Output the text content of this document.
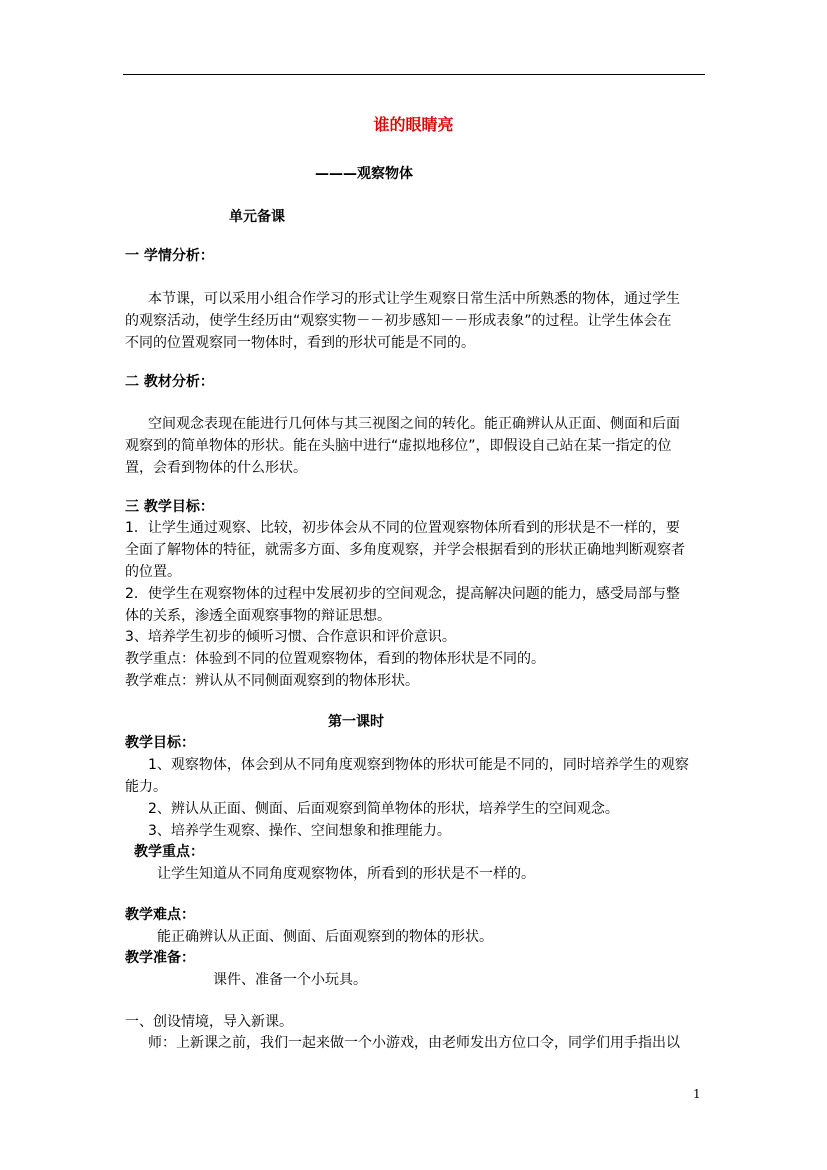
谁的眼睛亮
———观察物体
单元备课
一 学情分析：
本节课，可以采用小组合作学习的形式让学生观察日常生活中所熟悉的物体，通过学生
的观察活动，使学生经历由“观察实物－－初步感知－－形成表象”的过程。让学生体会在
不同的位置观察同一物体时，看到的形状可能是不同的。
二 教材分析：
空间观念表现在能进行几何体与其三视图之间的转化。能正确辨认从正面、侧面和后面
观察到的简单物体的形状。能在头脑中进行“虚拟地移位”，即假设自己站在某一指定的位
置，会看到物体的什么形状。
三 教学目标：
1．让学生通过观察、比较，初步体会从不同的位置观察物体所看到的形状是不一样的，要
全面了解物体的特征，就需多方面、多角度观察，并学会根据看到的形状正确地判断观察者
的位置。
2．使学生在观察物体的过程中发展初步的空间观念，提高解决问题的能力，感受局部与整
体的关系，渗透全面观察事物的辩证思想。
3、培养学生初步的倾听习惯、合作意识和评价意识。
教学重点：体验到不同的位置观察物体，看到的物体形状是不同的。
教学难点：辨认从不同侧面观察到的物体形状。
第一课时
教学目标：
1、观察物体，体会到从不同角度观察到物体的形状可能是不同的，同时培养学生的观察
能力。
2、辨认从正面、侧面、后面观察到简单物体的形状，培养学生的空间观念。
3、培养学生观察、操作、空间想象和推理能力。
教学重点：
让学生知道从不同角度观察物体，所看到的形状是不一样的。
教学难点：
能正确辨认从正面、侧面、后面观察到的物体的形状。
教学准备：
课件、准备一个小玩具。
一、创设情境，导入新课。
师：上新课之前，我们一起来做一个小游戏，由老师发出方位口令，同学们用手指出以
1
